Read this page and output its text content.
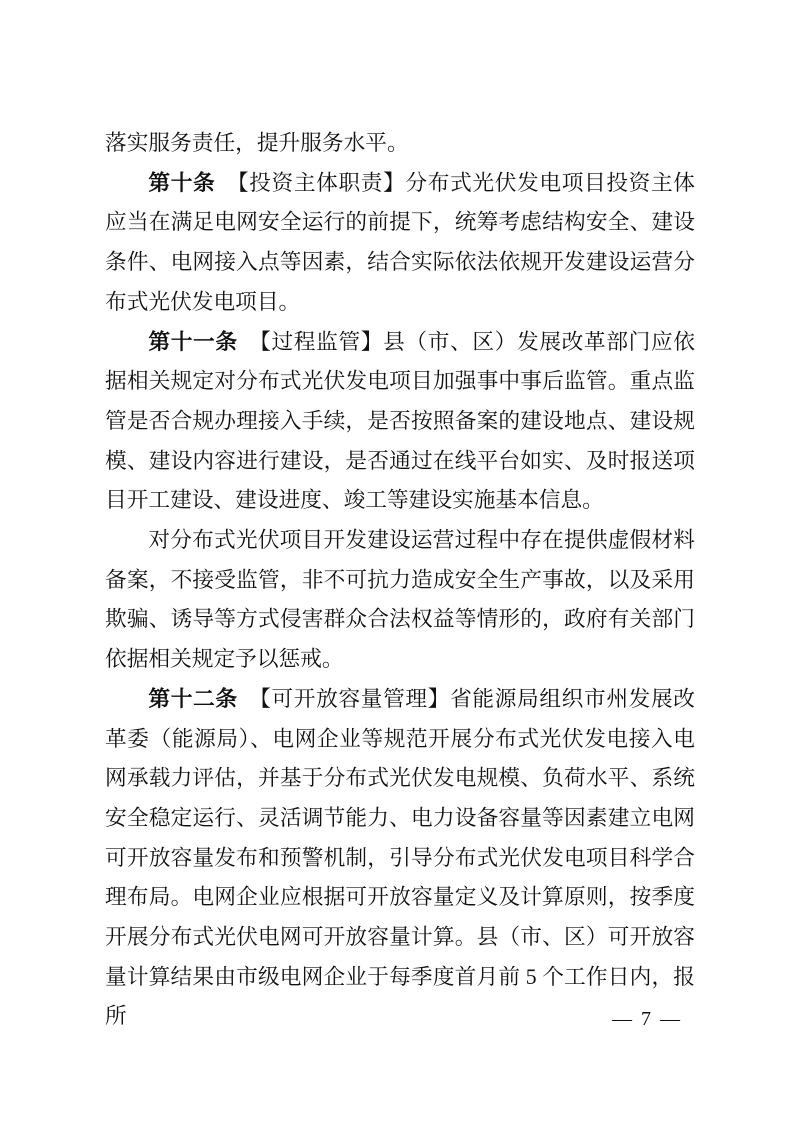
落实服务责任，提升服务水平。

第十条　【投资主体职责】分布式光伏发电项目投资主体应当在满足电网安全运行的前提下，统筹考虑结构安全、建设条件、电网接入点等因素，结合实际依法依规开发建设运营分布式光伏发电项目。

第十一条　【过程监管】县（市、区）发展改革部门应依据相关规定对分布式光伏发电项目加强事中事后监管。重点监管是否合规办理接入手续，是否按照备案的建设地点、建设规模、建设内容进行建设，是否通过在线平台如实、及时报送项目开工建设、建设进度、竣工等建设实施基本信息。

对分布式光伏项目开发建设运营过程中存在提供虚假材料备案，不接受监管，非不可抗力造成安全生产事故，以及采用欺骗、诱导等方式侵害群众合法权益等情形的，政府有关部门依据相关规定予以惩戒。

第十二条　【可开放容量管理】省能源局组织市州发展改革委（能源局）、电网企业等规范开展分布式光伏发电接入电网承载力评估，并基于分布式光伏发电规模、负荷水平、系统安全稳定运行、灵活调节能力、电力设备容量等因素建立电网可开放容量发布和预警机制，引导分布式光伏发电项目科学合理布局。电网企业应根据可开放容量定义及计算原则，按季度开展分布式光伏电网可开放容量计算。县（市、区）可开放容量计算结果由市级电网企业于每季度首月前 5 个工作日内，报所	— 7 —
